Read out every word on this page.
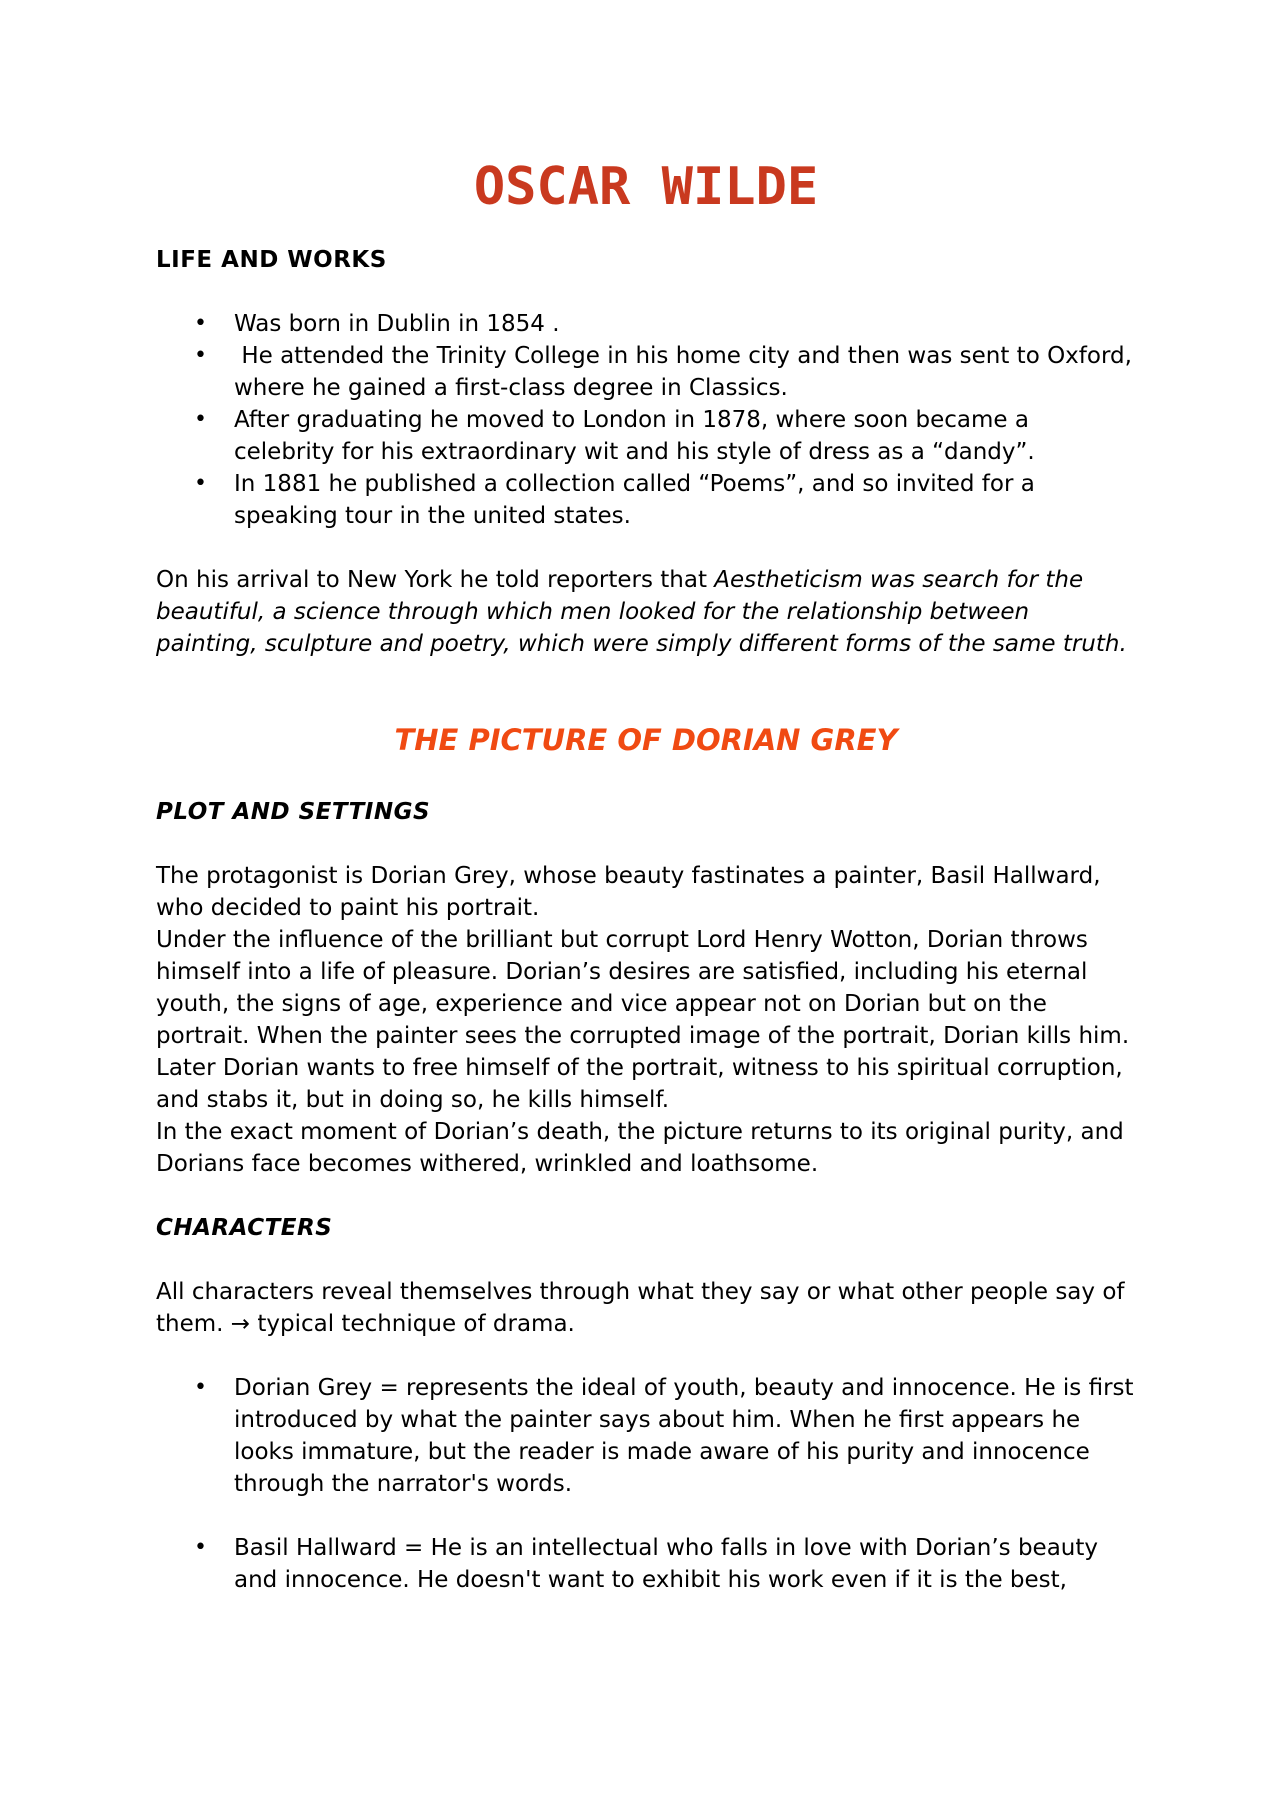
OSCAR WILDE

LIFE AND WORKS

• Was born in Dublin in 1854 .
• He attended the Trinity College in his home city and then was sent to Oxford, where he gained a first-class degree in Classics.
• After graduating he moved to London in 1878, where soon became a celebrity for his extraordinary wit and his style of dress as a “dandy”.
• In 1881 he published a collection called “Poems”, and so invited for a speaking tour in the united states.

On his arrival to New York he told reporters that Aestheticism was search for the beautiful, a science through which men looked for the relationship between painting, sculpture and poetry, which were simply different forms of the same truth.

THE PICTURE OF DORIAN GREY

PLOT AND SETTINGS

The protagonist is Dorian Grey, whose beauty fastinates a painter, Basil Hallward, who decided to paint his portrait.

Under the influence of the brilliant but corrupt Lord Henry Wotton, Dorian throws himself into a life of pleasure. Dorian’s desires are satisfied, including his eternal youth, the signs of age, experience and vice appear not on Dorian but on the portrait. When the painter sees the corrupted image of the portrait, Dorian kills him. Later Dorian wants to free himself of the portrait, witness to his spiritual corruption, and stabs it, but in doing so, he kills himself.

In the exact moment of Dorian’s death, the picture returns to its original purity, and Dorians face becomes withered, wrinkled and loathsome.

CHARACTERS

All characters reveal themselves through what they say or what other people say of them. → typical technique of drama.

• Dorian Grey = represents the ideal of youth, beauty and innocence. He is first introduced by what the painter says about him. When he first appears he looks immature, but the reader is made aware of his purity and innocence through the narrator's words.
• Basil Hallward = He is an intellectual who falls in love with Dorian’s beauty and innocence. He doesn't want to exhibit his work even if it is the best,
